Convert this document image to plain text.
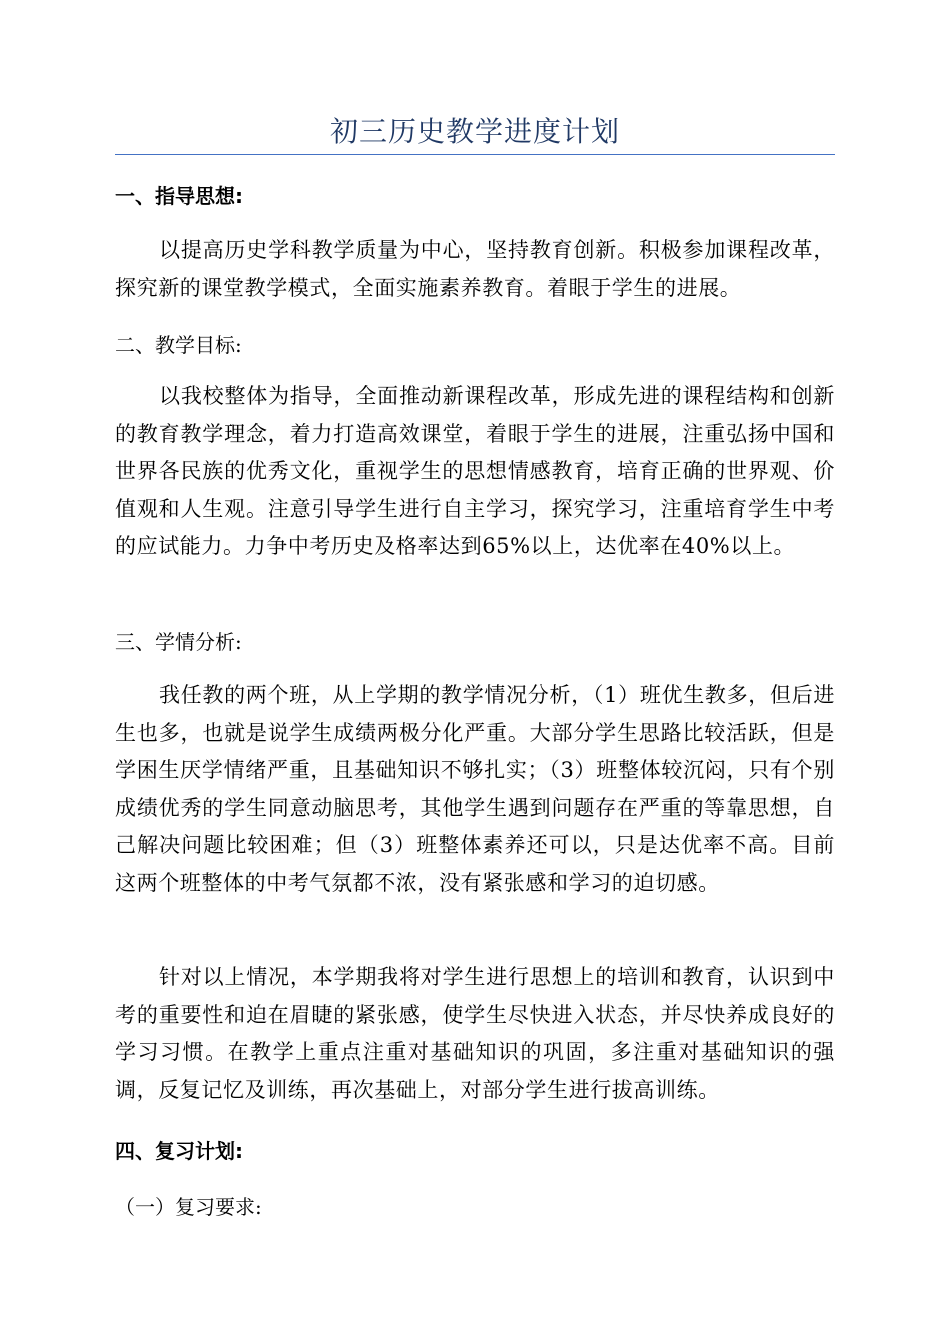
初三历史教学进度计划
一、指导思想:
以提高历史学科教学质量为中心，坚持教育创新。积极参加课程改革，探究新的课堂教学模式，全面实施素养教育。着眼于学生的进展。
二、教学目标:
以我校整体为指导，全面推动新课程改革，形成先进的课程结构和创新的教育教学理念，着力打造高效课堂，着眼于学生的进展，注重弘扬中国和世界各民族的优秀文化，重视学生的思想情感教育，培育正确的世界观、价值观和人生观。注意引导学生进行自主学习，探究学习，注重培育学生中考的应试能力。力争中考历史及格率达到65%以上，达优率在40%以上。
三、学情分析:
我任教的两个班，从上学期的教学情况分析，（1）班优生教多，但后进生也多，也就是说学生成绩两极分化严重。大部分学生思路比较活跃，但是学困生厌学情绪严重，且基础知识不够扎实；（3）班整体较沉闷，只有个别成绩优秀的学生同意动脑思考，其他学生遇到问题存在严重的等靠思想，自己解决问题比较困难；但（3）班整体素养还可以，只是达优率不高。目前这两个班整体的中考气氛都不浓，没有紧张感和学习的迫切感。
针对以上情况，本学期我将对学生进行思想上的培训和教育，认识到中考的重要性和迫在眉睫的紧张感，使学生尽快进入状态，并尽快养成良好的学习习惯。在教学上重点注重对基础知识的巩固，多注重对基础知识的强调，反复记忆及训练，再次基础上，对部分学生进行拔高训练。
四、复习计划:
（一）复习要求:
